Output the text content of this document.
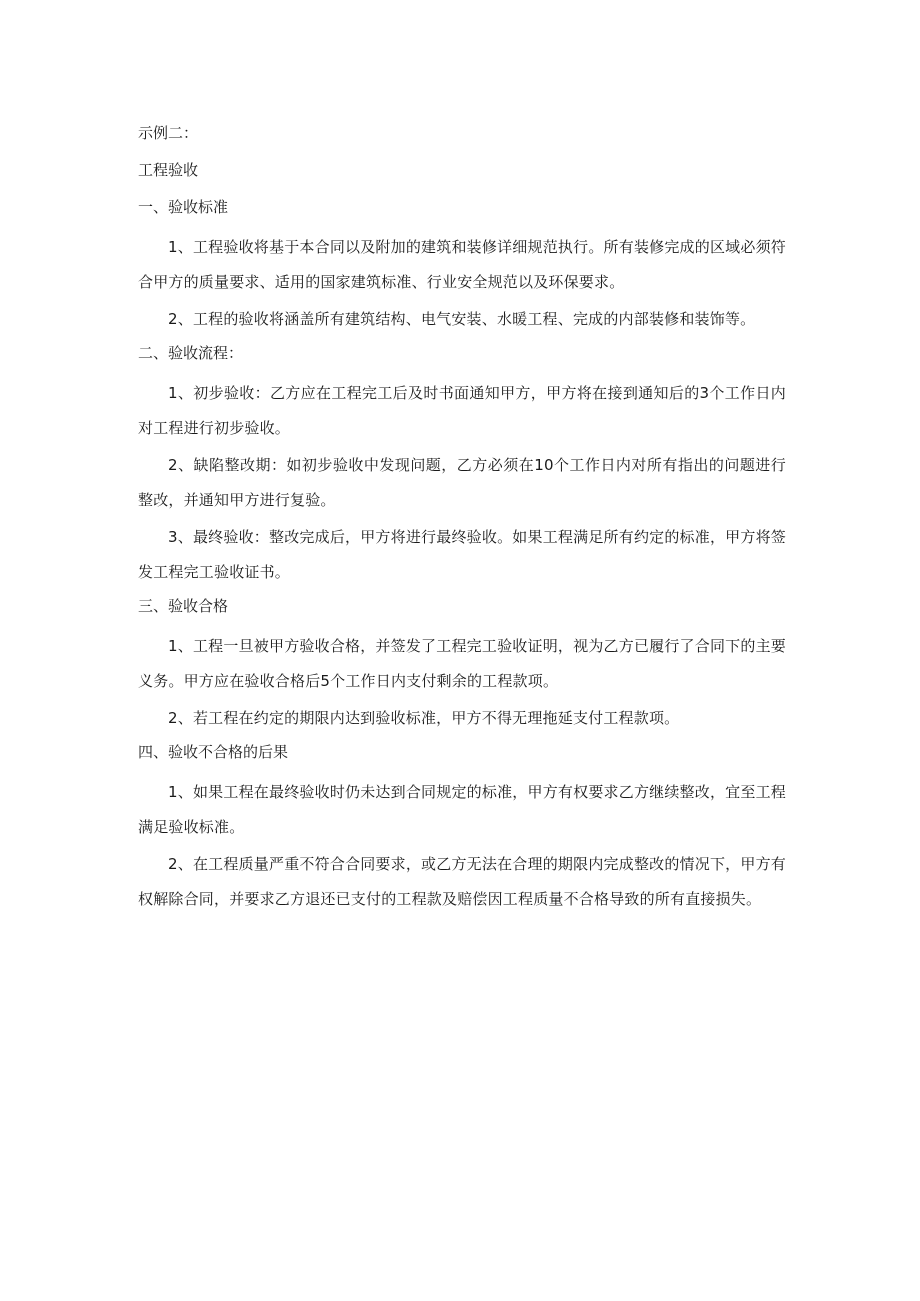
示例二：

工程验收

一、验收标准

1、工程验收将基于本合同以及附加的建筑和装修详细规范执行。所有装修完成的区域必须符合甲方的质量要求、适用的国家建筑标准、行业安全规范以及环保要求。

2、工程的验收将涵盖所有建筑结构、电气安装、水暖工程、完成的内部装修和装饰等。

二、验收流程：

1、初步验收：乙方应在工程完工后及时书面通知甲方，甲方将在接到通知后的3个工作日内对工程进行初步验收。

2、缺陷整改期：如初步验收中发现问题，乙方必须在10个工作日内对所有指出的问题进行整改，并通知甲方进行复验。

3、最终验收：整改完成后，甲方将进行最终验收。如果工程满足所有约定的标准，甲方将签发工程完工验收证书。

三、验收合格

1、工程一旦被甲方验收合格，并签发了工程完工验收证明，视为乙方已履行了合同下的主要义务。甲方应在验收合格后5个工作日内支付剩余的工程款项。

2、若工程在约定的期限内达到验收标准，甲方不得无理拖延支付工程款项。

四、验收不合格的后果

1、如果工程在最终验收时仍未达到合同规定的标准，甲方有权要求乙方继续整改，宜至工程满足验收标准。

2、在工程质量严重不符合合同要求，或乙方无法在合理的期限内完成整改的情况下，甲方有权解除合同，并要求乙方退还已支付的工程款及赔偿因工程质量不合格导致的所有直接损失。
